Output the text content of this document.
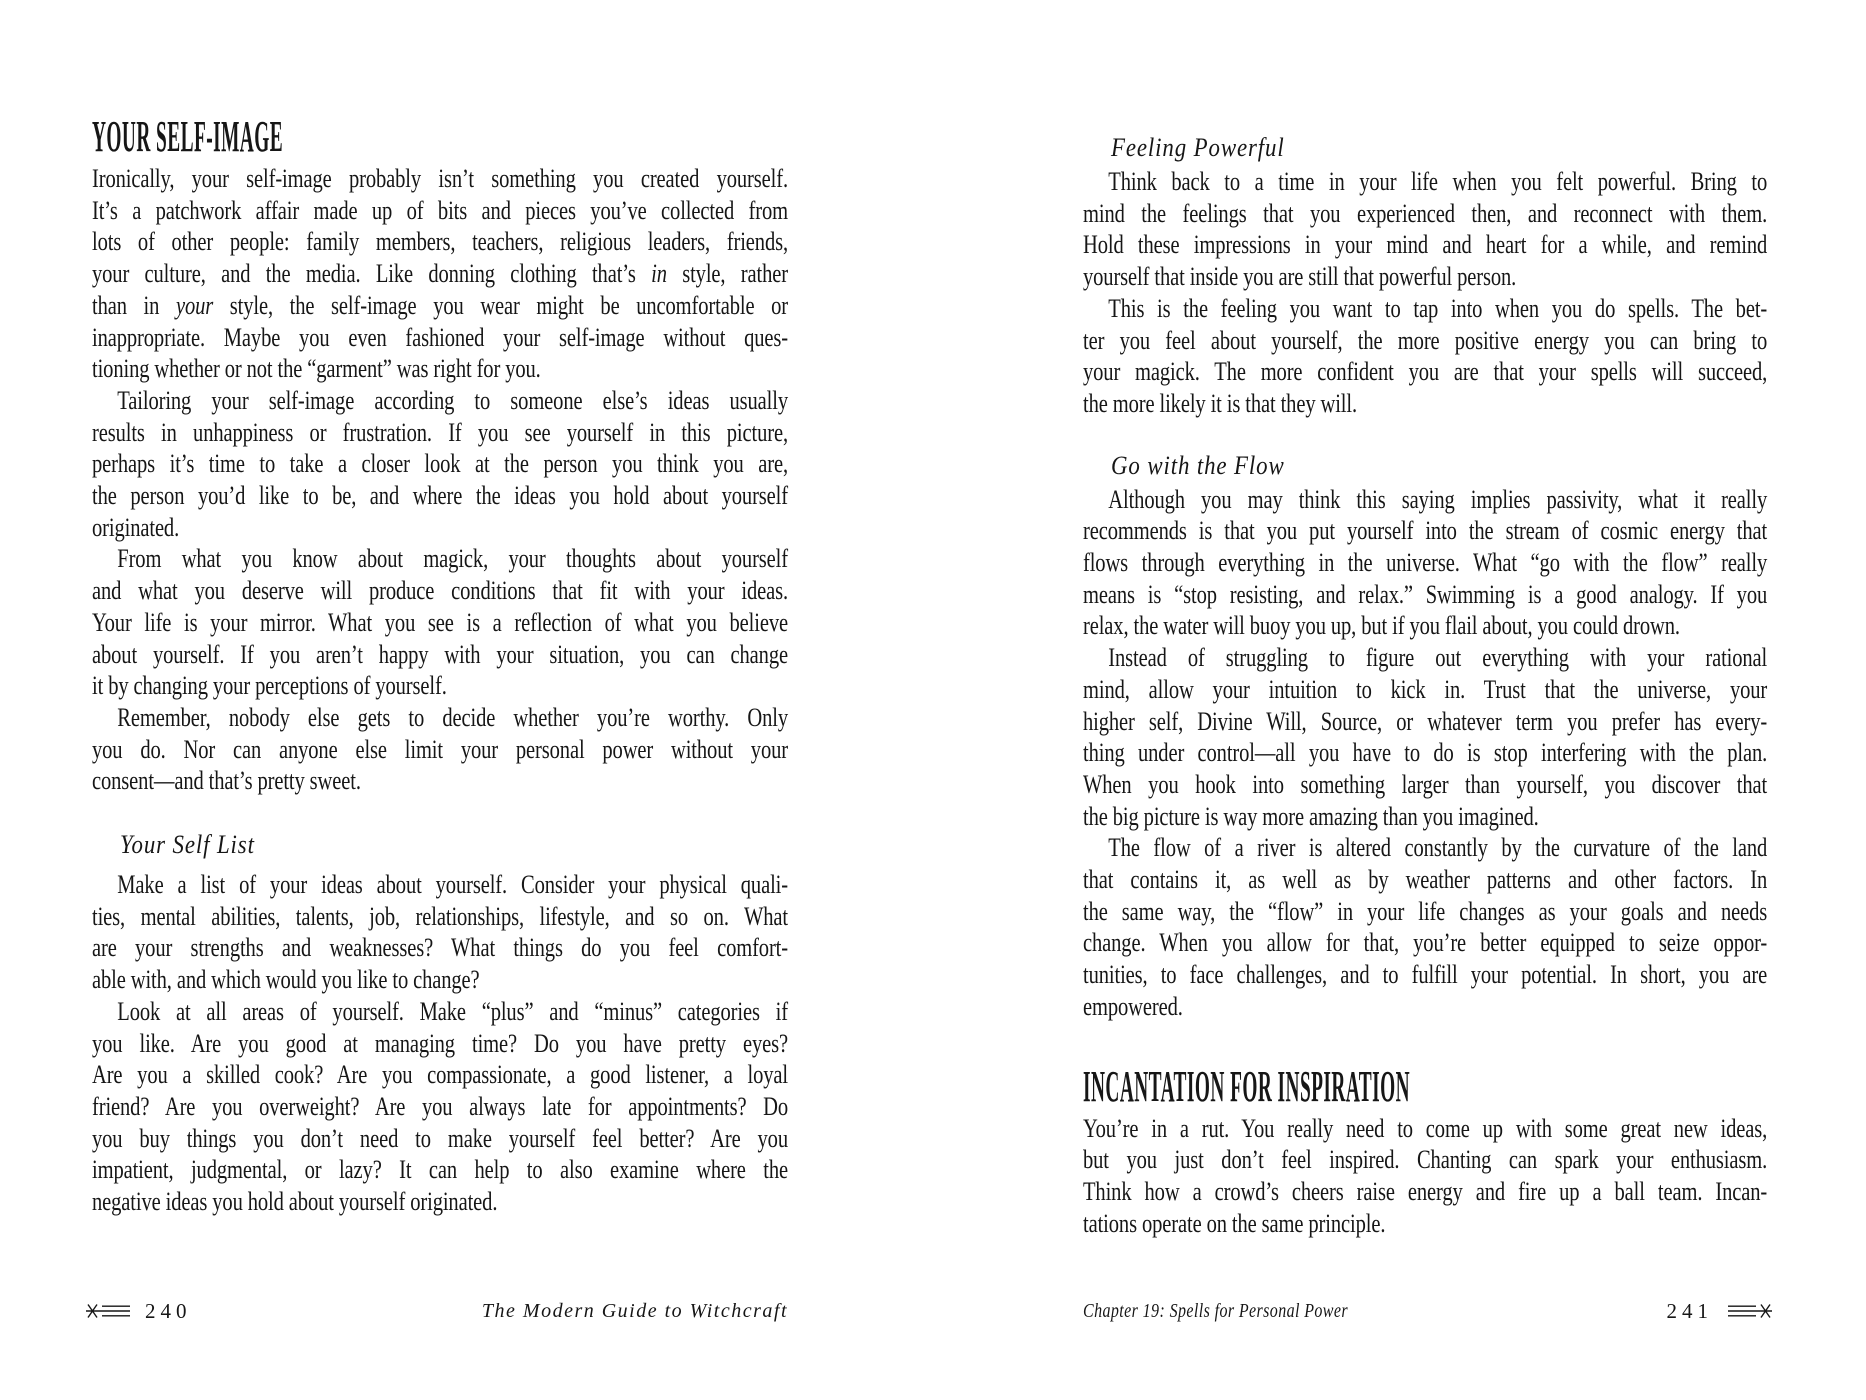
YOUR SELF-IMAGE
Ironically, your self-image probably isn’t something you created yourself.
It’s a patchwork affair made up of bits and pieces you’ve collected from
lots of other people: family members, teachers, religious leaders, friends,
your culture, and the media. Like donning clothing that’s in style, rather
than in your style, the self-image you wear might be uncomfortable or
inappropriate. Maybe you even fashioned your self-image without ques-
tioning whether or not the “garment” was right for you.
Tailoring your self-image according to someone else’s ideas usually
results in unhappiness or frustration. If you see yourself in this picture,
perhaps it’s time to take a closer look at the person you think you are,
the person you’d like to be, and where the ideas you hold about yourself
originated.
From what you know about magick, your thoughts about yourself
and what you deserve will produce conditions that fit with your ideas.
Your life is your mirror. What you see is a reflection of what you believe
about yourself. If you aren’t happy with your situation, you can change
it by changing your perceptions of yourself.
Remember, nobody else gets to decide whether you’re worthy. Only
you do. Nor can anyone else limit your personal power without your
consent—and that’s pretty sweet.
Your Self List
Make a list of your ideas about yourself. Consider your physical quali-
ties, mental abilities, talents, job, relationships, lifestyle, and so on. What
are your strengths and weaknesses? What things do you feel comfort-
able with, and which would you like to change?
Look at all areas of yourself. Make “plus” and “minus” categories if
you like. Are you good at managing time? Do you have pretty eyes?
Are you a skilled cook? Are you compassionate, a good listener, a loyal
friend? Are you overweight? Are you always late for appointments? Do
you buy things you don’t need to make yourself feel better? Are you
impatient, judgmental, or lazy? It can help to also examine where the
negative ideas you hold about yourself originated.
Feeling Powerful
Think back to a time in your life when you felt powerful. Bring to
mind the feelings that you experienced then, and reconnect with them.
Hold these impressions in your mind and heart for a while, and remind
yourself that inside you are still that powerful person.
This is the feeling you want to tap into when you do spells. The bet-
ter you feel about yourself, the more positive energy you can bring to
your magick. The more confident you are that your spells will succeed,
the more likely it is that they will.
Go with the Flow
Although you may think this saying implies passivity, what it really
recommends is that you put yourself into the stream of cosmic energy that
flows through everything in the universe. What “go with the flow” really
means is “stop resisting, and relax.” Swimming is a good analogy. If you
relax, the water will buoy you up, but if you flail about, you could drown.
Instead of struggling to figure out everything with your rational
mind, allow your intuition to kick in. Trust that the universe, your
higher self, Divine Will, Source, or whatever term you prefer has every-
thing under control—all you have to do is stop interfering with the plan.
When you hook into something larger than yourself, you discover that
the big picture is way more amazing than you imagined.
The flow of a river is altered constantly by the curvature of the land
that contains it, as well as by weather patterns and other factors. In
the same way, the “flow” in your life changes as your goals and needs
change. When you allow for that, you’re better equipped to seize oppor-
tunities, to face challenges, and to fulfill your potential. In short, you are
empowered.
INCANTATION FOR INSPIRATION
You’re in a rut. You really need to come up with some great new ideas,
but you just don’t feel inspired. Chanting can spark your enthusiasm.
Think how a crowd’s cheers raise energy and fire up a ball team. Incan-
tations operate on the same principle.
240	The Modern Guide to Witchcraft	Chapter 19: Spells for Personal Power	241
